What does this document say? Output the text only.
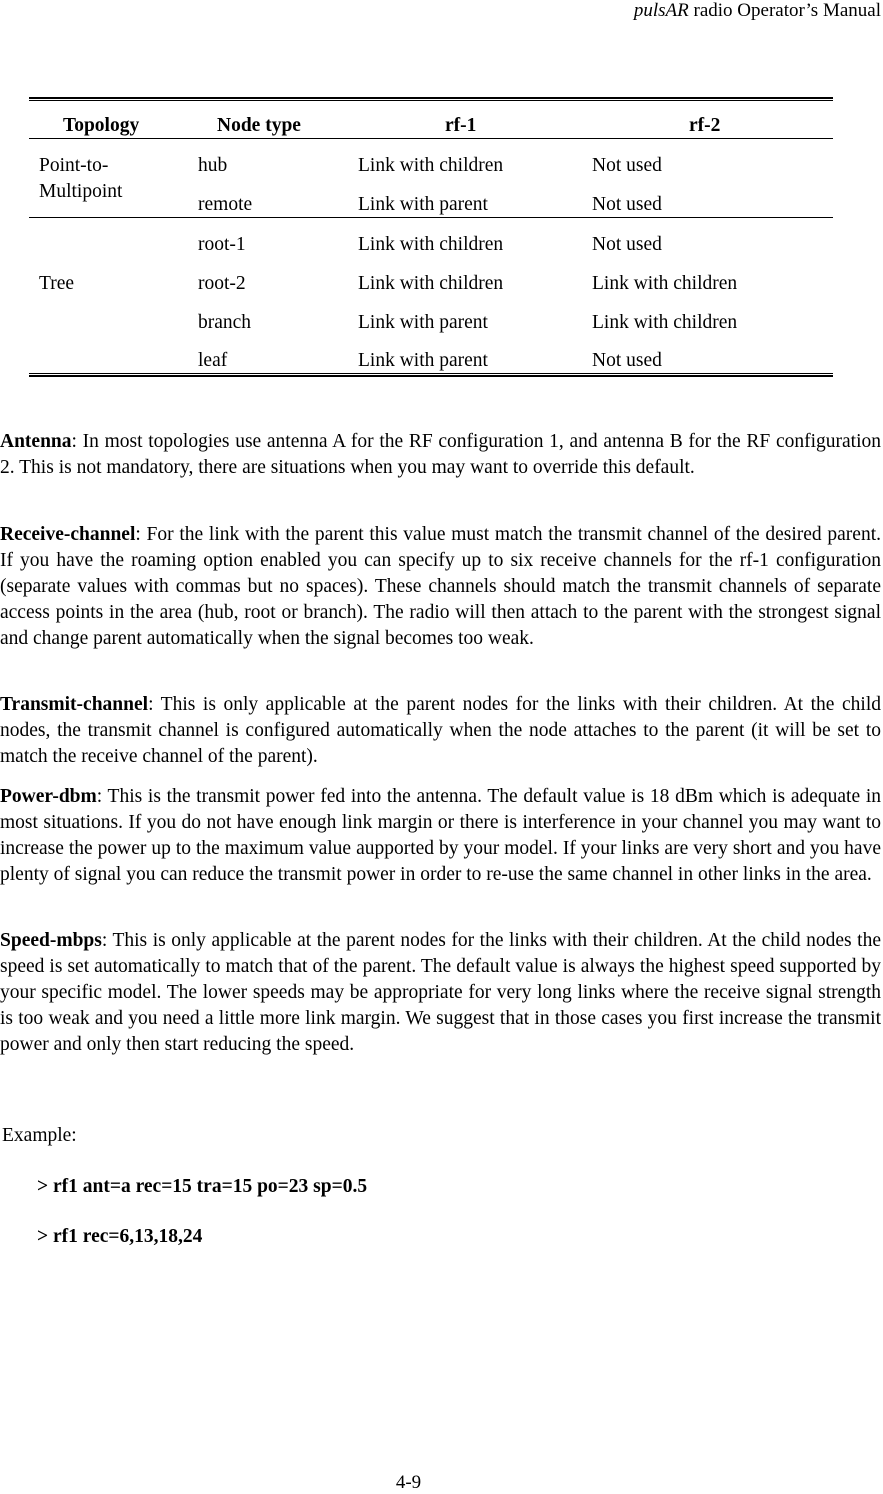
pulsAR radio Operator’s Manual
Topology	Node type	rf-1	rf-2
Point-to-
Multipoint
hub	Link with children	Not used
remote	Link with parent	Not used
Tree
root-1	Link with children	Not used
root-2	Link with children	Link with children
branch	Link with parent	Link with children
leaf	Link with parent	Not used

Antenna: In most topologies use antenna A for the RF configuration 1, and antenna B for the RF configuration 2. This is not mandatory, there are situations when you may want to override this default.

Receive-channel: For the link with the parent this value must match the transmit channel of the desired parent. If you have the roaming option enabled you can specify up to six receive channels for the rf-1 configuration (separate values with commas but no spaces). These channels should match the transmit channels of separate access points in the area (hub, root or branch). The radio will then attach to the parent with the strongest signal and change parent automatically when the signal becomes too weak.

Transmit-channel: This is only applicable at the parent nodes for the links with their children. At the child nodes, the transmit channel is configured automatically when the node attaches to the parent (it will be set to match the receive channel of the parent).

Power-dbm: This is the transmit power fed into the antenna. The default value is 18 dBm which is adequate in most situations. If you do not have enough link margin or there is interference in your channel you may want to increase the power up to the maximum value aupported by your model. If your links are very short and you have plenty of signal you can reduce the transmit power in order to re-use the same channel in other links in the area.

Speed-mbps: This is only applicable at the parent nodes for the links with their children. At the child nodes the speed is set automatically to match that of the parent. The default value is always the highest speed supported by your specific model. The lower speeds may be appropriate for very long links where the receive signal strength is too weak and you need a little more link margin. We suggest that in those cases you first increase the transmit power and only then start reducing the speed.

Example:
> rf1 ant=a rec=15 tra=15 po=23 sp=0.5
> rf1 rec=6,13,18,24
4-9
